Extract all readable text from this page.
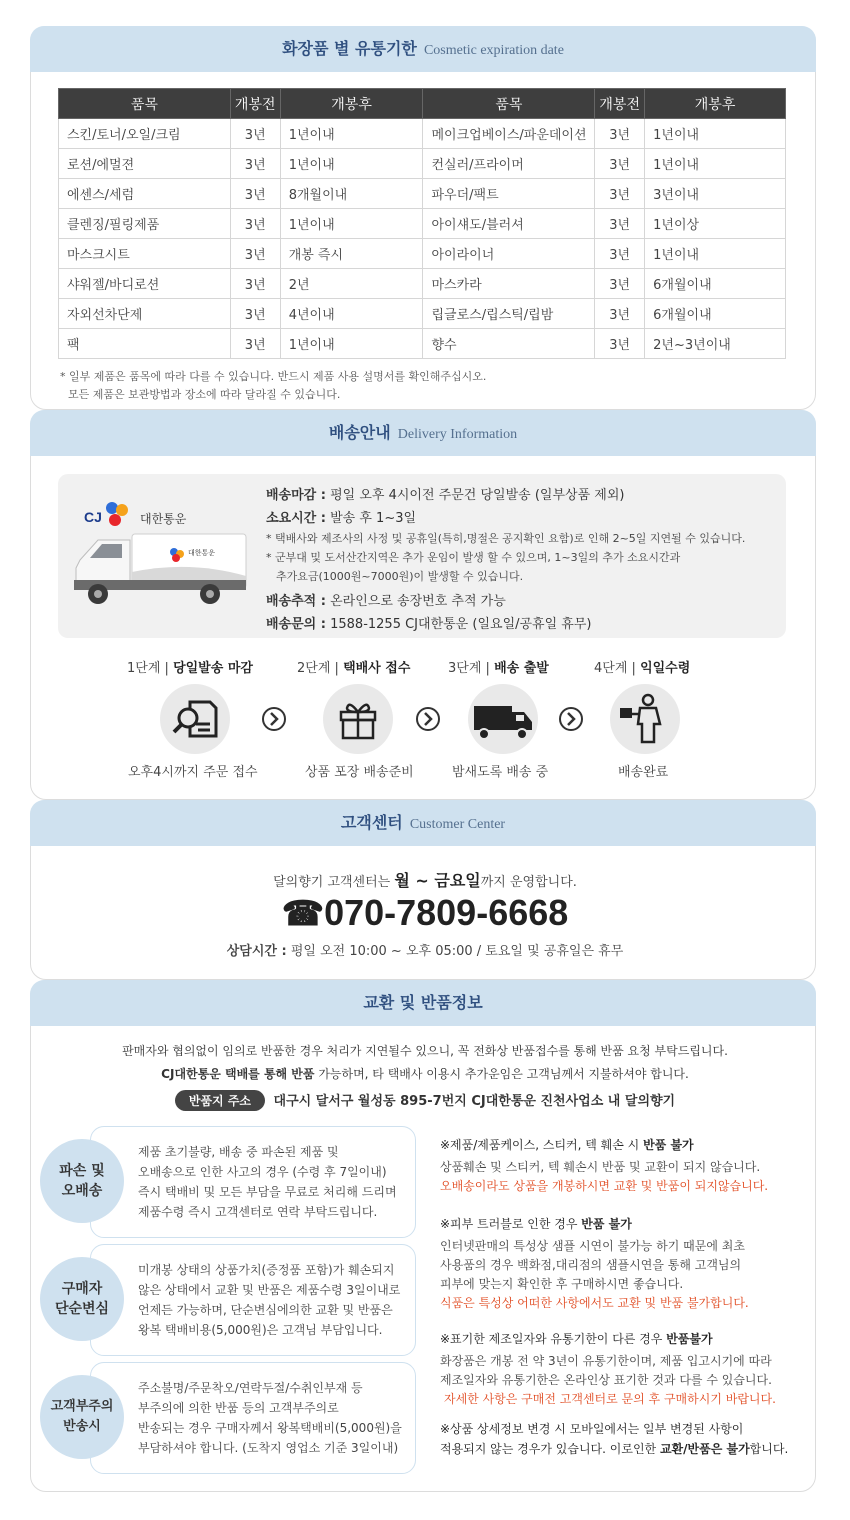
화장품 별 유통기한 Cosmetic expiration date
품목	개봉전	개봉후	품목	개봉전	개봉후
스킨/토너/오일/크림	3년	1년이내	메이크업베이스/파운데이션	3년	1년이내
로션/에멀젼	3년	1년이내	컨실러/프라이머	3년	1년이내
에센스/세럼	3년	8개월이내	파우더/팩트	3년	3년이내
클렌징/필링제품	3년	1년이내	아이섀도/블러셔	3년	1년이상
마스크시트	3년	개봉 즉시	아이라이너	3년	1년이내
샤워젤/바디로션	3년	2년	마스카라	3년	6개월이내
자외선차단제	3년	4년이내	립글로스/립스틱/립밤	3년	6개월이내
팩	3년	1년이내	향수	3년	2년~3년이내
* 일부 제품은 품목에 따라 다를 수 있습니다. 반드시 제품 사용 설명서를 확인해주십시오.
모든 제품은 보관방법과 장소에 따라 달라질 수 있습니다.
배송안내 Delivery Information
CJ	대한통운
대한통운
배송마감 : 평일 오후 4시이전 주문건 당일발송 (일부상품 제외)
소요시간 : 발송 후 1~3일
* 택배사와 제조사의 사정 및 공휴일(특히,명절은 공지확인 요함)로 인해 2~5일 지연될 수 있습니다.
* 군부대 및 도서산간지역은 추가 운임이 발생 할 수 있으며, 1~3일의 추가 소요시간과
추가요금(1000원~7000원)이 발생할 수 있습니다.
배송추적 : 온라인으로 송장번호 추적 가능
배송문의 : 1588-1255 CJ대한통운 (일요일/공휴일 휴무)
1단계 | 당일발송 마감	2단계 | 택배사 접수	3단계 | 배송 출발	4단계 | 익일수령
오후4시까지 주문 접수	상품 포장 배송준비	밤새도록 배송 중	배송완료
고객센터 Customer Center
달의향기 고객센터는 월 ~ 금요일까지 운영합니다.
☎070-7809-6668
상담시간 : 평일 오전 10:00 ~ 오후 05:00 / 토요일 및 공휴일은 휴무
교환 및 반품정보
판매자와 협의없이 임의로 반품한 경우 처리가 지연될수 있으니, 꼭 전화상 반품접수를 통해 반품 요청 부탁드립니다.
CJ대한통운 택배를 통해 반품 가능하며, 타 택배사 이용시 추가운임은 고객님께서 지불하셔야 합니다.
반품지 주소 대구시 달서구 월성동 895-7번지 CJ대한통운 진천사업소 내 달의향기
파손 및
오배송
구매자
단순변심
고객부주의
반송시
제품 초기불량, 배송 중 파손된 제품 및
오배송으로 인한 사고의 경우 (수령 후 7일이내)
즉시 택배비 및 모든 부담을 무료로 처리해 드리며
제품수령 즉시 고객센터로 연락 부탁드립니다.
미개봉 상태의 상품가치(증정품 포함)가 훼손되지
않은 상태에서 교환 및 반품은 제품수령 3일이내로
언제든 가능하며, 단순변심에의한 교환 및 반품은
왕복 택배비용(5,000원)은 고객님 부담입니다.
주소불명/주문착오/연락두절/수취인부재 등
부주의에 의한 반품 등의 고객부주의로
반송되는 경우 구매자께서 왕복택배비(5,000원)을
부담하셔야 합니다. (도착지 영업소 기준 3일이내)
※제품/제품케이스, 스티커, 텍 훼손 시 반품 불가
상품훼손 및 스티커, 텍 훼손시 반품 및 교환이 되지 않습니다.
오배송이라도 상품을 개봉하시면 교환 및 반품이 되지않습니다.
※피부 트러블로 인한 경우 반품 불가
인터넷판매의 특성상 샘플 시연이 불가능 하기 때문에 최초
사용품의 경우 백화점,대리점의 샘플시연을 통해 고객님의
피부에 맞는지 확인한 후 구매하시면 좋습니다.
식품은 특성상 어떠한 사항에서도 교환 및 반품 불가합니다.
※표기한 제조일자와 유통기한이 다른 경우 반품불가
화장품은 개봉 전 약 3년이 유통기한이며, 제품 입고시기에 따라
제조일자와 유통기한은 온라인상 표기한 것과 다를 수 있습니다.
자세한 사항은 구매전 고객센터로 문의 후 구매하시기 바랍니다.
※상품 상세정보 변경 시 모바일에서는 일부 변경된 사항이
적용되지 않는 경우가 있습니다. 이로인한 교환/반품은 불가합니다.
